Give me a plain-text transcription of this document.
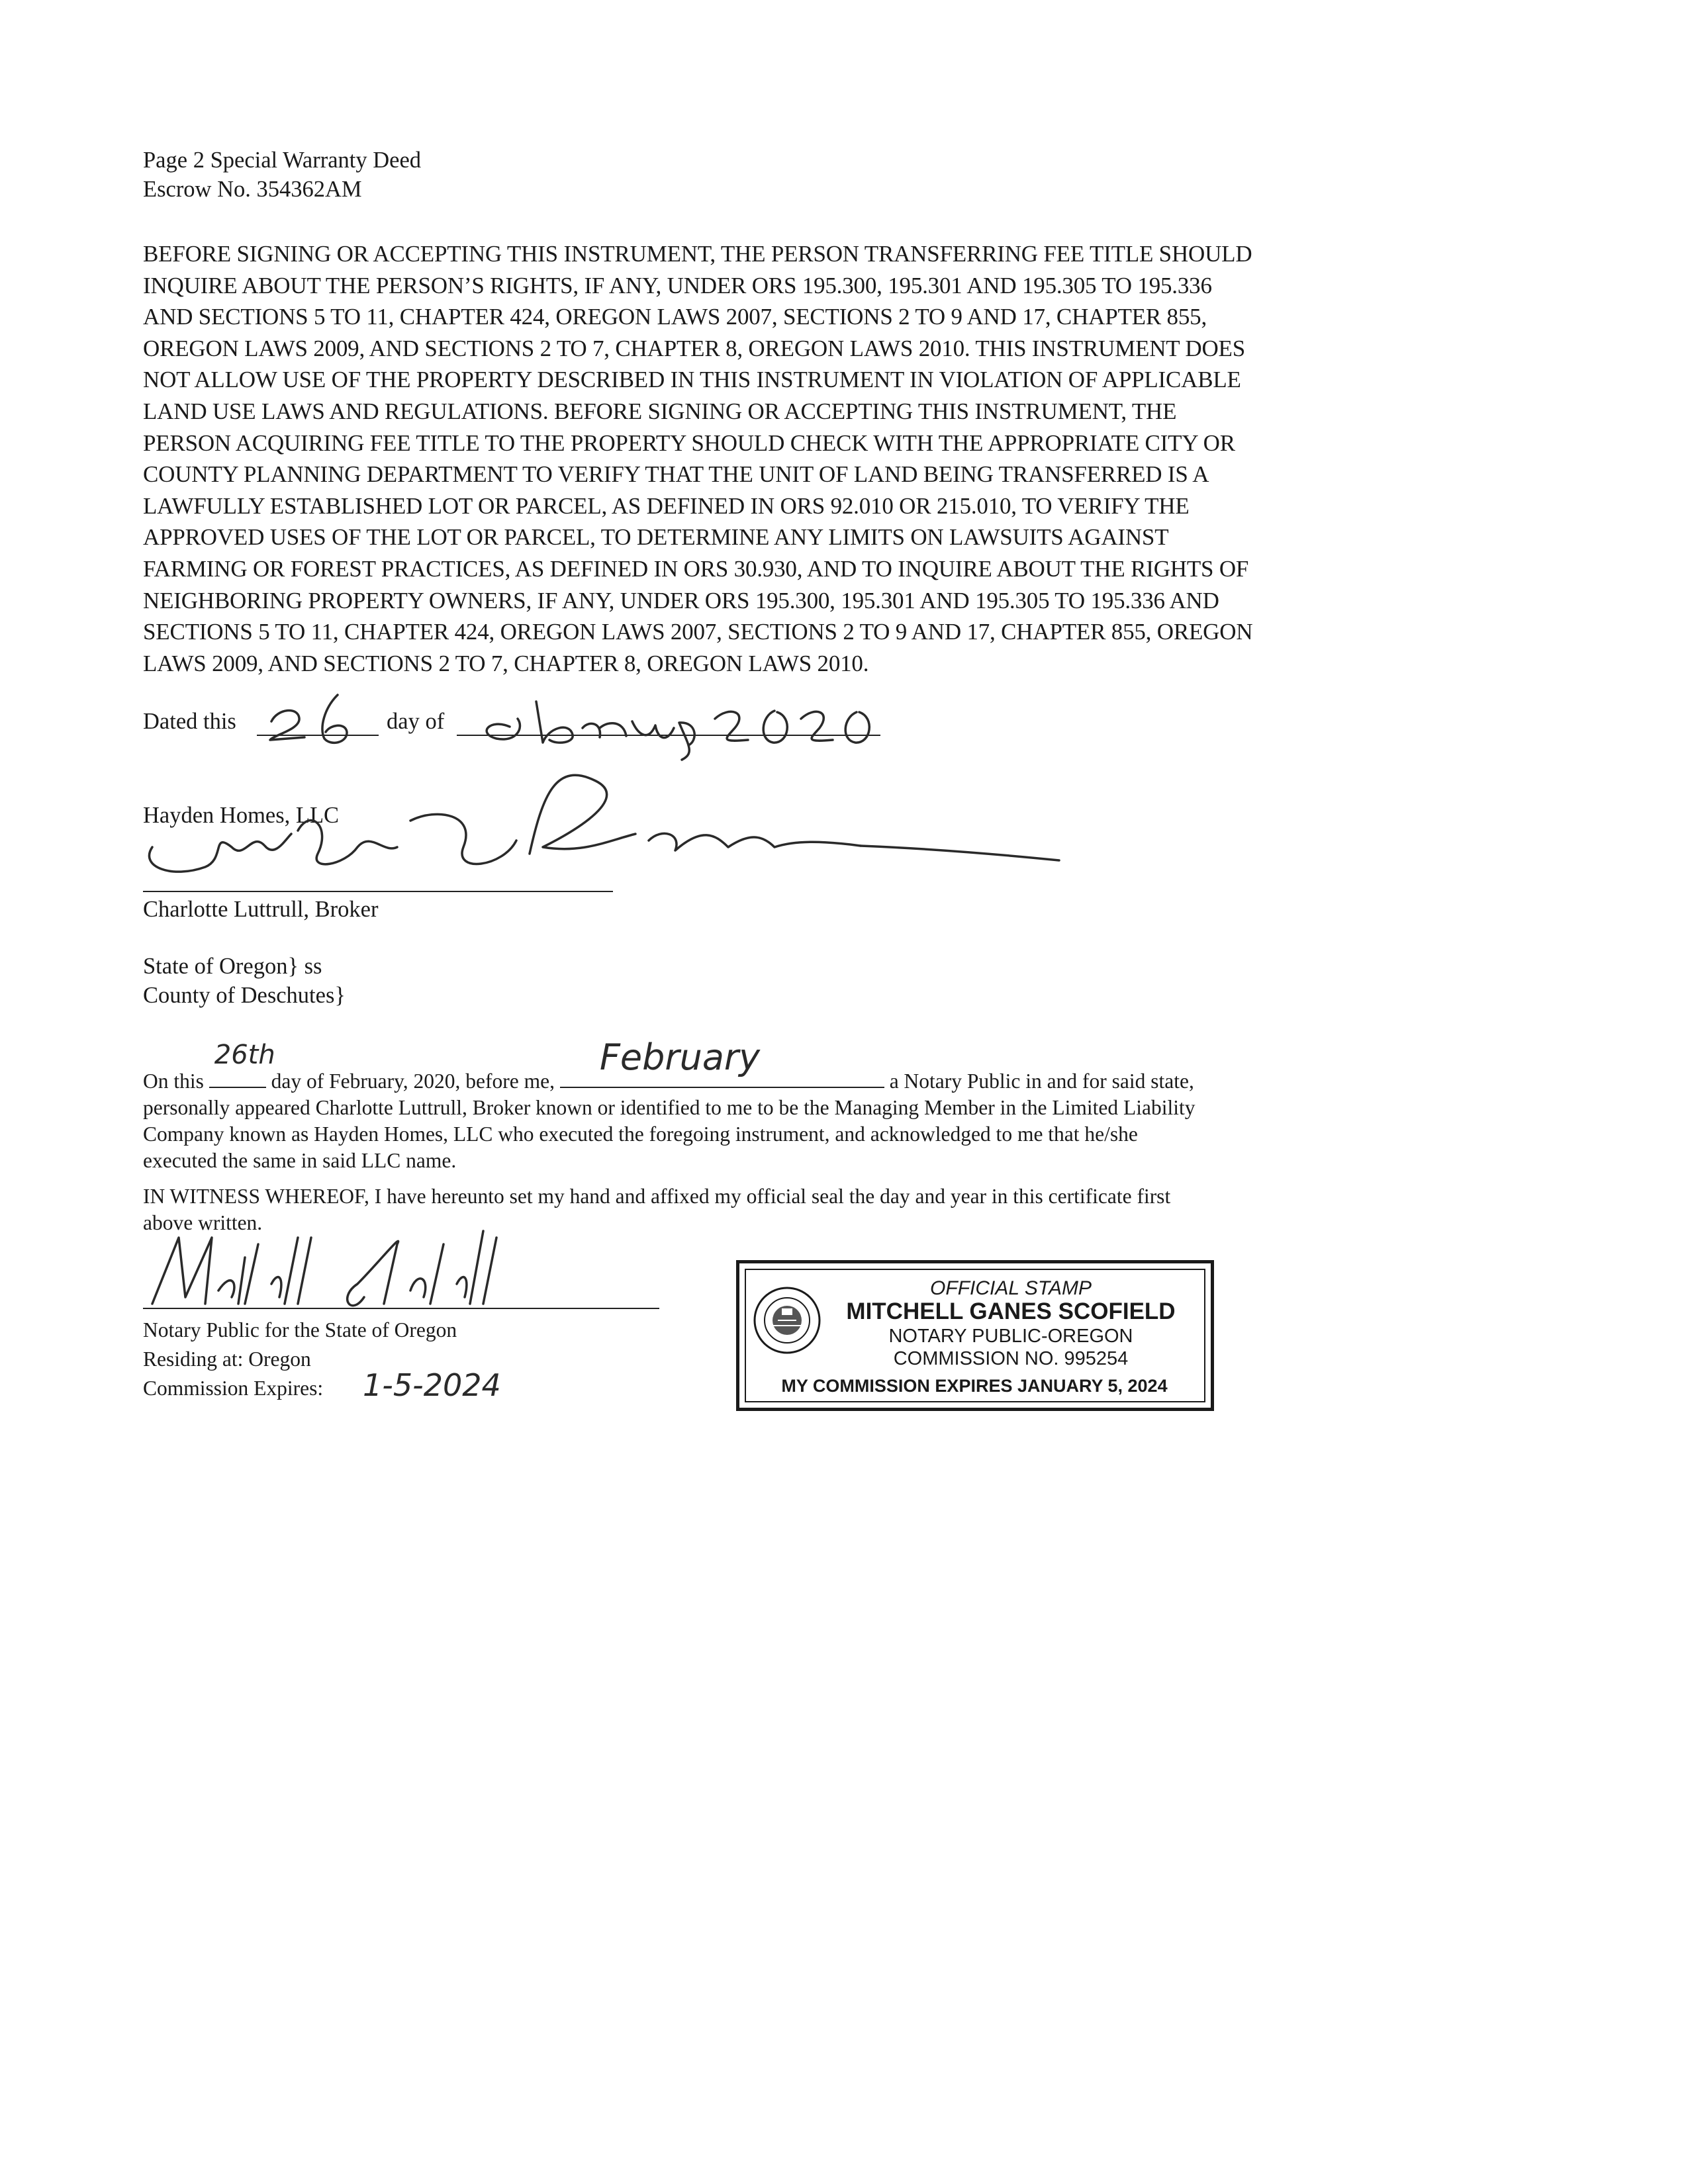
Page 2 Special Warranty Deed
Escrow No. 354362AM
BEFORE SIGNING OR ACCEPTING THIS INSTRUMENT, THE PERSON TRANSFERRING FEE TITLE SHOULD
INQUIRE ABOUT THE PERSON’S RIGHTS, IF ANY, UNDER ORS 195.300, 195.301 AND 195.305 TO 195.336
AND SECTIONS 5 TO 11, CHAPTER 424, OREGON LAWS 2007, SECTIONS 2 TO 9 AND 17, CHAPTER 855,
OREGON LAWS 2009, AND SECTIONS 2 TO 7, CHAPTER 8, OREGON LAWS 2010. THIS INSTRUMENT DOES
NOT ALLOW USE OF THE PROPERTY DESCRIBED IN THIS INSTRUMENT IN VIOLATION OF APPLICABLE
LAND USE LAWS AND REGULATIONS. BEFORE SIGNING OR ACCEPTING THIS INSTRUMENT, THE
PERSON ACQUIRING FEE TITLE TO THE PROPERTY SHOULD CHECK WITH THE APPROPRIATE CITY OR
COUNTY PLANNING DEPARTMENT TO VERIFY THAT THE UNIT OF LAND BEING TRANSFERRED IS A
LAWFULLY ESTABLISHED LOT OR PARCEL, AS DEFINED IN ORS 92.010 OR 215.010, TO VERIFY THE
APPROVED USES OF THE LOT OR PARCEL, TO DETERMINE ANY LIMITS ON LAWSUITS AGAINST
FARMING OR FOREST PRACTICES, AS DEFINED IN ORS 30.930, AND TO INQUIRE ABOUT THE RIGHTS OF
NEIGHBORING PROPERTY OWNERS, IF ANY, UNDER ORS 195.300, 195.301 AND 195.305 TO 195.336 AND
SECTIONS 5 TO 11, CHAPTER 424, OREGON LAWS 2007, SECTIONS 2 TO 9 AND 17, CHAPTER 855, OREGON
LAWS 2009, AND SECTIONS 2 TO 7, CHAPTER 8, OREGON LAWS 2010.
Dated this	day of
Hayden Homes, LLC
Charlotte Luttrull, Broker
State of Oregon} ss
County of Deschutes}
On this
26th
day of February, 2020, before me,
February
a Notary Public in and for said state,
personally appeared Charlotte Luttrull, Broker known or identified to me to be the Managing Member in the Limited Liability
Company known as Hayden Homes, LLC who executed the foregoing instrument, and acknowledged to me that he/she
executed the same in said LLC name.
IN WITNESS WHEREOF, I have hereunto set my hand and affixed my official seal the day and year in this certificate first
above written.
Notary Public for the State of Oregon
Residing at: Oregon
Commission Expires: 1-5-2024
OFFICIAL STAMP
MITCHELL GANES SCOFIELD
NOTARY PUBLIC-OREGON
COMMISSION NO. 995254
MY COMMISSION EXPIRES JANUARY 5, 2024
